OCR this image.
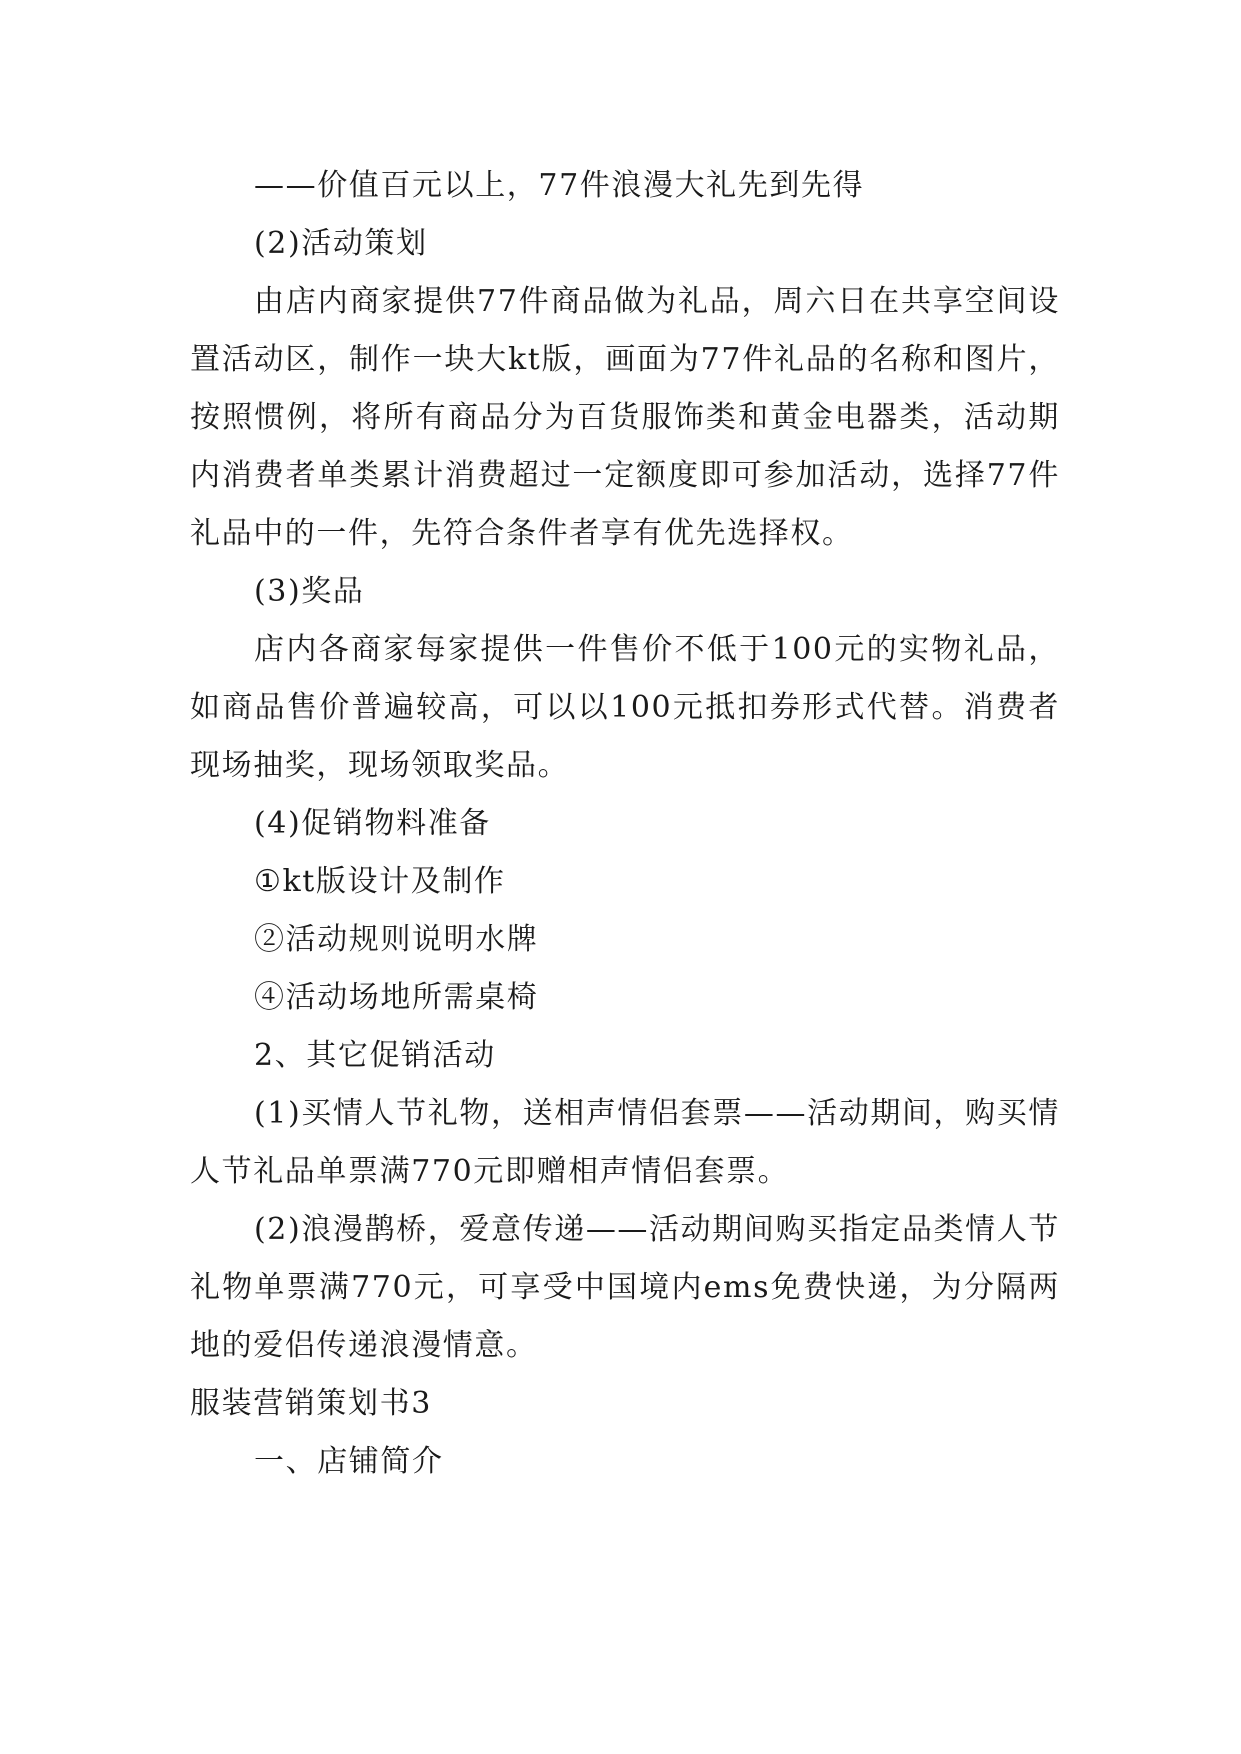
——价值百元以上，77件浪漫大礼先到先得

(2)活动策划

由店内商家提供77件商品做为礼品，周六日在共享空间设置活动区，制作一块大kt版，画面为77件礼品的名称和图片，按照惯例，将所有商品分为百货服饰类和黄金电器类，活动期内消费者单类累计消费超过一定额度即可参加活动，选择77件礼品中的一件，先符合条件者享有优先选择权。

(3)奖品

店内各商家每家提供一件售价不低于100元的实物礼品，如商品售价普遍较高，可以以100元抵扣券形式代替。消费者现场抽奖，现场领取奖品。

(4)促销物料准备

①kt版设计及制作

②活动规则说明水牌

④活动场地所需桌椅

2、其它促销活动

(1)买情人节礼物，送相声情侣套票——活动期间，购买情人节礼品单票满770元即赠相声情侣套票。

(2)浪漫鹊桥，爱意传递——活动期间购买指定品类情人节礼物单票满770元，可享受中国境内ems免费快递，为分隔两地的爱侣传递浪漫情意。

服装营销策划书3

一、店铺简介
